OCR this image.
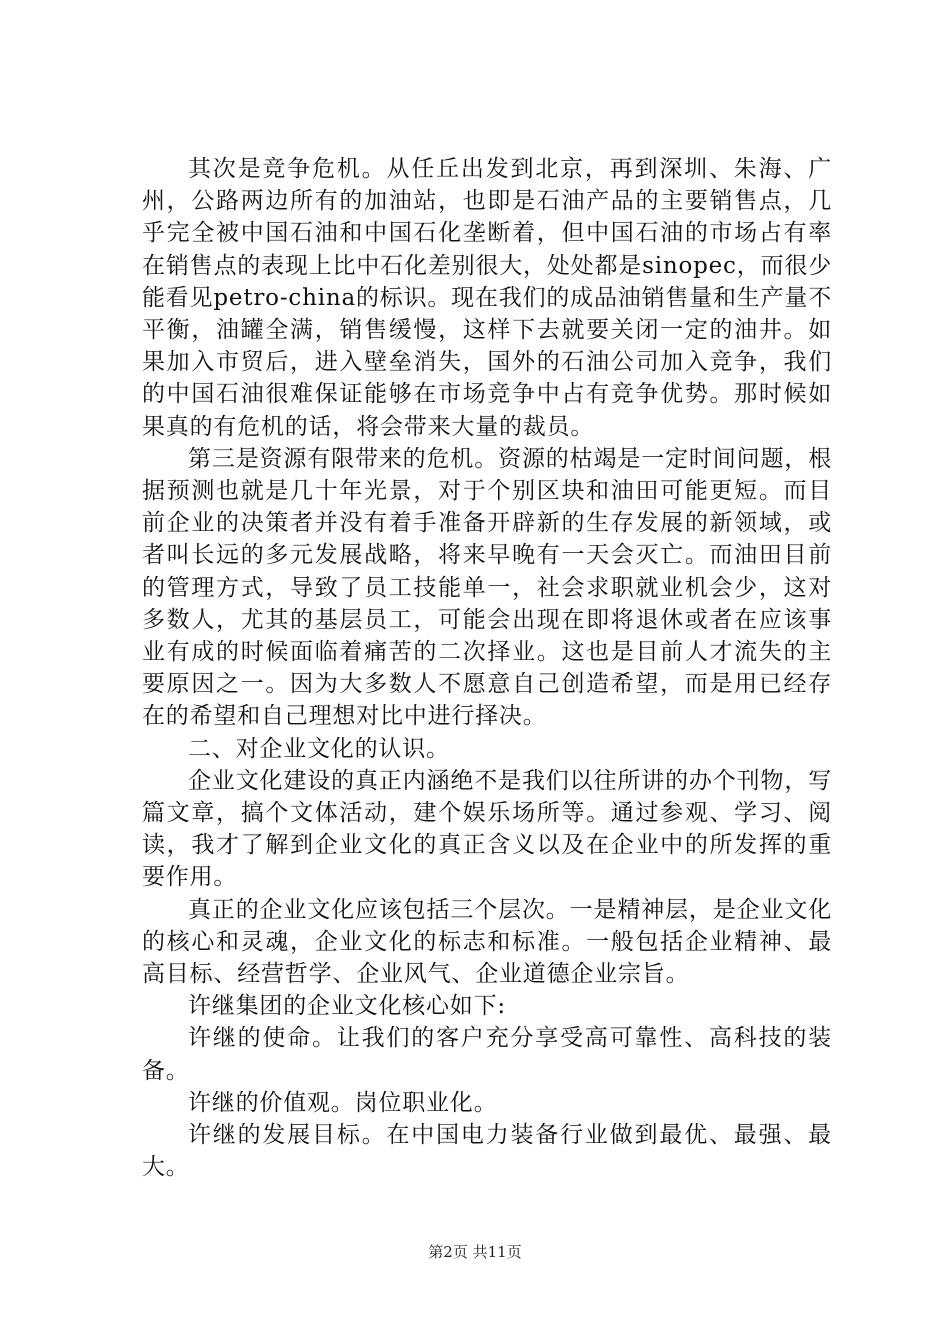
其次是竞争危机。从任丘出发到北京，再到深圳、朱海、广州，公路两边所有的加油站，也即是石油产品的主要销售点，几乎完全被中国石油和中国石化垄断着，但中国石油的市场占有率在销售点的表现上比中石化差别很大，处处都是sinopec，而很少能看见petro-china的标识。现在我们的成品油销售量和生产量不平衡，油罐全满，销售缓慢，这样下去就要关闭一定的油井。如果加入市贸后，进入壁垒消失，国外的石油公司加入竞争，我们的中国石油很难保证能够在市场竞争中占有竞争优势。那时候如果真的有危机的话，将会带来大量的裁员。

第三是资源有限带来的危机。资源的枯竭是一定时间问题，根据预测也就是几十年光景，对于个别区块和油田可能更短。而目前企业的决策者并没有着手准备开辟新的生存发展的新领域，或者叫长远的多元发展战略，将来早晚有一天会灭亡。而油田目前的管理方式，导致了员工技能单一，社会求职就业机会少，这对多数人，尤其的基层员工，可能会出现在即将退休或者在应该事业有成的时候面临着痛苦的二次择业。这也是目前人才流失的主要原因之一。因为大多数人不愿意自己创造希望，而是用已经存在的希望和自己理想对比中进行择决。

二、对企业文化的认识。

企业文化建设的真正内涵绝不是我们以往所讲的办个刊物，写篇文章，搞个文体活动，建个娱乐场所等。通过参观、学习、阅读，我才了解到企业文化的真正含义以及在企业中的所发挥的重要作用。

真正的企业文化应该包括三个层次。一是精神层，是企业文化的核心和灵魂，企业文化的标志和标准。一般包括企业精神、最高目标、经营哲学、企业风气、企业道德企业宗旨。

许继集团的企业文化核心如下:

许继的使命。让我们的客户充分享受高可靠性、高科技的装备。

许继的价值观。岗位职业化。

许继的发展目标。在中国电力装备行业做到最优、最强、最大。

第2页 共11页
